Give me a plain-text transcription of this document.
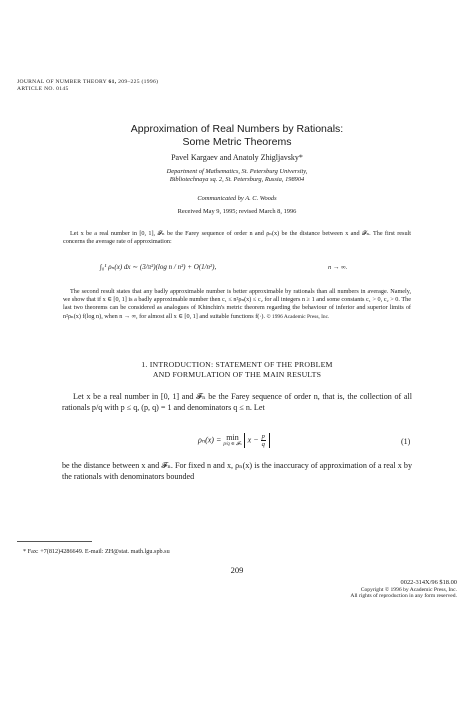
JOURNAL OF NUMBER THEORY 61, 209–225 (1996)
ARTICLE NO. 0145
Approximation of Real Numbers by Rationals:
Some Metric Theorems
Pavel Kargaev and Anatoly Zhigljavsky*
Department of Mathematics, St. Petersburg University,
Bibliotechnaya sq. 2, St. Petersburg, Russia, 198904
Communicated by A. C. Woods
Received May 9, 1995; revised March 8, 1996

Let x be a real number in [0, 1], 𝓕ₙ be the Farey sequence of order n and ρₙ(x) be the distance between x and 𝓕ₙ. The first result concerns the average rate of approximation:

∫₀¹ ρₙ(x) dx ∼ (3/π²)(log n / n²) + O(1/n²),	n → ∞.

The second result states that any badly approximable number is better approximable by rationals than all numbers in average. Namely, we show that if x ∈ [0, 1] is a badly approximable number then c₁ ≤ n²ρₙ(x) ≤ c₂ for all integers n ≥ 1 and some constants c₁ > 0, c₂ > 0. The last two theorems can be considered as analogues of Khinchin's metric theorem regarding the behaviour of inferior and superior limits of n²ρₙ(x) f(log n), when n → ∞, for almost all x ∈ [0, 1] and suitable functions f(·). © 1996 Academic Press, Inc.

1. INTRODUCTION: STATEMENT OF THE PROBLEM
AND FORMULATION OF THE MAIN RESULTS

Let x be a real number in [0, 1] and 𝓕ₙ be the Farey sequence of order n, that is, the collection of all rationals p/q with p ≤ q, (p, q) = 1 and denominators q ≤ n. Let

ρₙ(x) = min
p/q ∈ 𝓕ₙ $x - \frac{p}{q}$	(1)

be the distance between x and 𝓕ₙ. For fixed n and x, ρₙ(x) is the inaccuracy of approximation of a real x by the rationals with denominators bounded

* Fax: +7(812)4286649. E-mail: ZH@stat. math.lgu.spb.su
209
0022-314X/96 $18.00
Copyright © 1996 by Academic Press, Inc.
All rights of reproduction in any form reserved.
